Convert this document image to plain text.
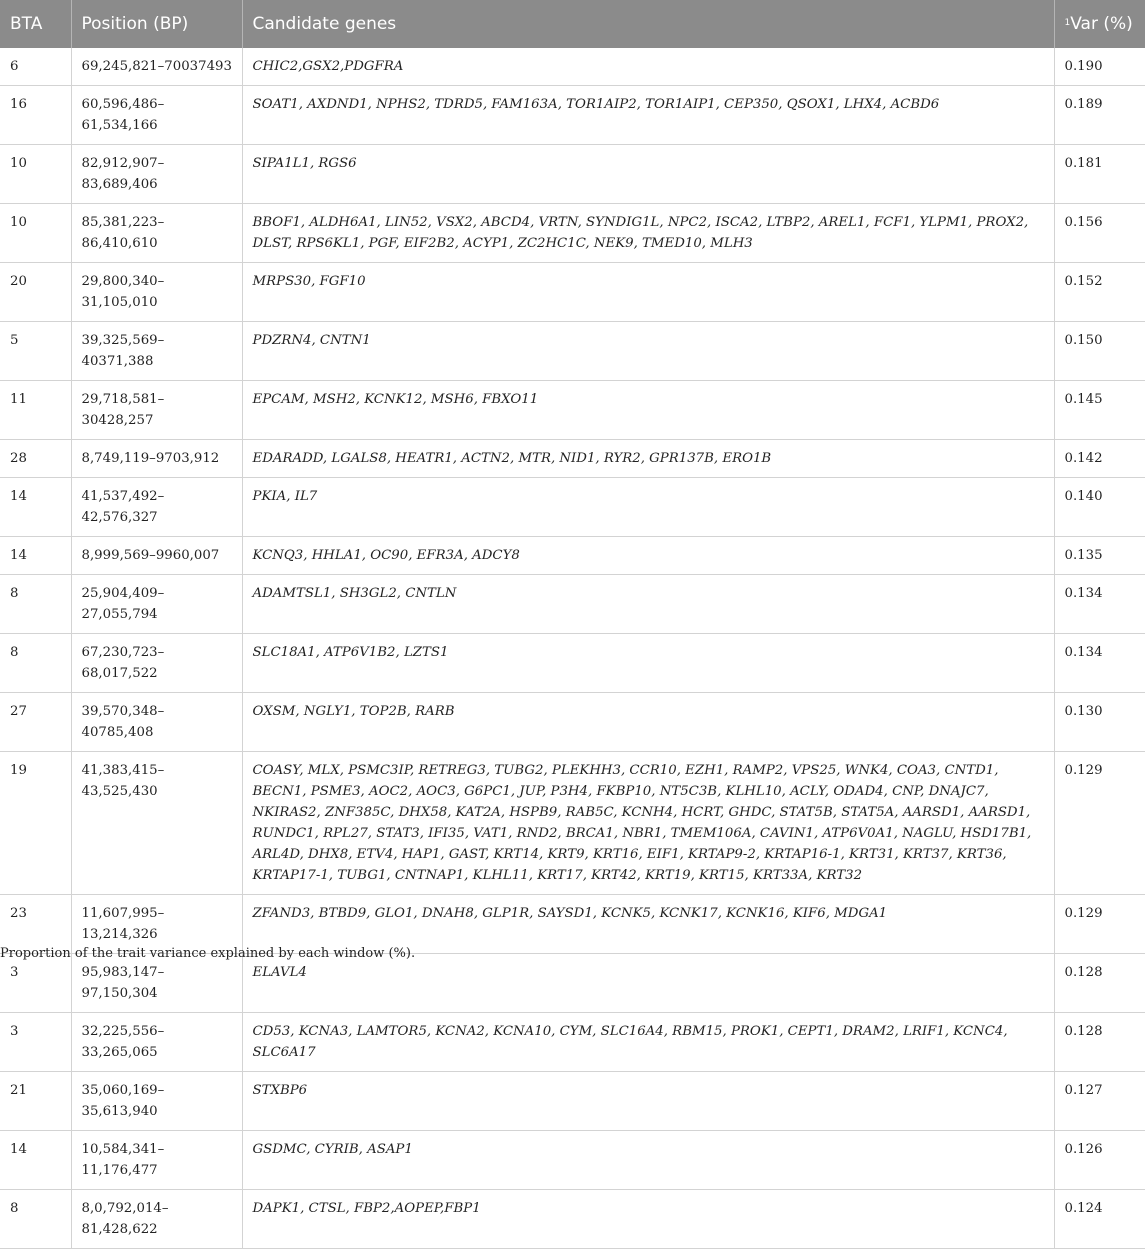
BTA	Position (BP)	Candidate genes	$^1$Var (%)
6	69,245,821–70037493	CHIC2,GSX2,PDGFRA	0.190
16	60,596,486–61,534,166	SOAT1, AXDND1, NPHS2, TDRD5, FAM163A, TOR1AIP2, TOR1AIP1, CEP350, QSOX1, LHX4, ACBD6	0.189
10	82,912,907–83,689,406	SIPA1L1, RGS6	0.181
10	85,381,223–86,410,610	BBOF1, ALDH6A1, LIN52, VSX2, ABCD4, VRTN, SYNDIG1L, NPC2, ISCA2, LTBP2, AREL1, FCF1, YLPM1, PROX2, DLST, RPS6KL1, PGF, EIF2B2, ACYP1, ZC2HC1C, NEK9, TMED10, MLH3	0.156
20	29,800,340–31,105,010	MRPS30, FGF10	0.152
5	39,325,569–40371,388	PDZRN4, CNTN1	0.150
11	29,718,581–30428,257	EPCAM, MSH2, KCNK12, MSH6, FBXO11	0.145
28	8,749,119–9703,912	EDARADD, LGALS8, HEATR1, ACTN2, MTR, NID1, RYR2, GPR137B, ERO1B	0.142
14	41,537,492–42,576,327	PKIA, IL7	0.140
14	8,999,569–9960,007	KCNQ3, HHLA1, OC90, EFR3A, ADCY8	0.135
8	25,904,409–27,055,794	ADAMTSL1, SH3GL2, CNTLN	0.134
8	67,230,723–68,017,522	SLC18A1, ATP6V1B2, LZTS1	0.134
27	39,570,348–40785,408	OXSM, NGLY1, TOP2B, RARB	0.130
19	41,383,415–43,525,430	COASY, MLX, PSMC3IP, RETREG3, TUBG2, PLEKHH3, CCR10, EZH1, RAMP2, VPS25, WNK4, COA3, CNTD1, BECN1, PSME3, AOC2, AOC3, G6PC1, JUP, P3H4, FKBP10, NT5C3B, KLHL10, ACLY, ODAD4, CNP, DNAJC7, NKIRAS2, ZNF385C, DHX58, KAT2A, HSPB9, RAB5C, KCNH4, HCRT, GHDC, STAT5B, STAT5A, AARSD1, AARSD1, RUNDC1, RPL27, STAT3, IFI35, VAT1, RND2, BRCA1, NBR1, TMEM106A, CAVIN1, ATP6V0A1, NAGLU, HSD17B1, ARL4D, DHX8, ETV4, HAP1, GAST, KRT14, KRT9, KRT16, EIF1, KRTAP9-2, KRTAP16-1, KRT31, KRT37, KRT36, KRTAP17-1, TUBG1, CNTNAP1, KLHL11, KRT17, KRT42, KRT19, KRT15, KRT33A, KRT32	0.129
23	11,607,995–13,214,326	ZFAND3, BTBD9, GLO1, DNAH8, GLP1R, SAYSD1, KCNK5, KCNK17, KCNK16, KIF6, MDGA1	0.129
3	95,983,147–97,150,304	ELAVL4	0.128
3	32,225,556–33,265,065	CD53, KCNA3, LAMTOR5, KCNA2, KCNA10, CYM, SLC16A4, RBM15, PROK1, CEPT1, DRAM2, LRIF1, KCNC4, SLC6A17	0.128
21	35,060,169–35,613,940	STXBP6	0.127
14	10,584,341–11,176,477	GSDMC, CYRIB, ASAP1	0.126
8	8,0,792,014–81,428,622	DAPK1, CTSL, FBP2,AOPEP,FBP1	0.124
Proportion of the trait variance explained by each window (%).
